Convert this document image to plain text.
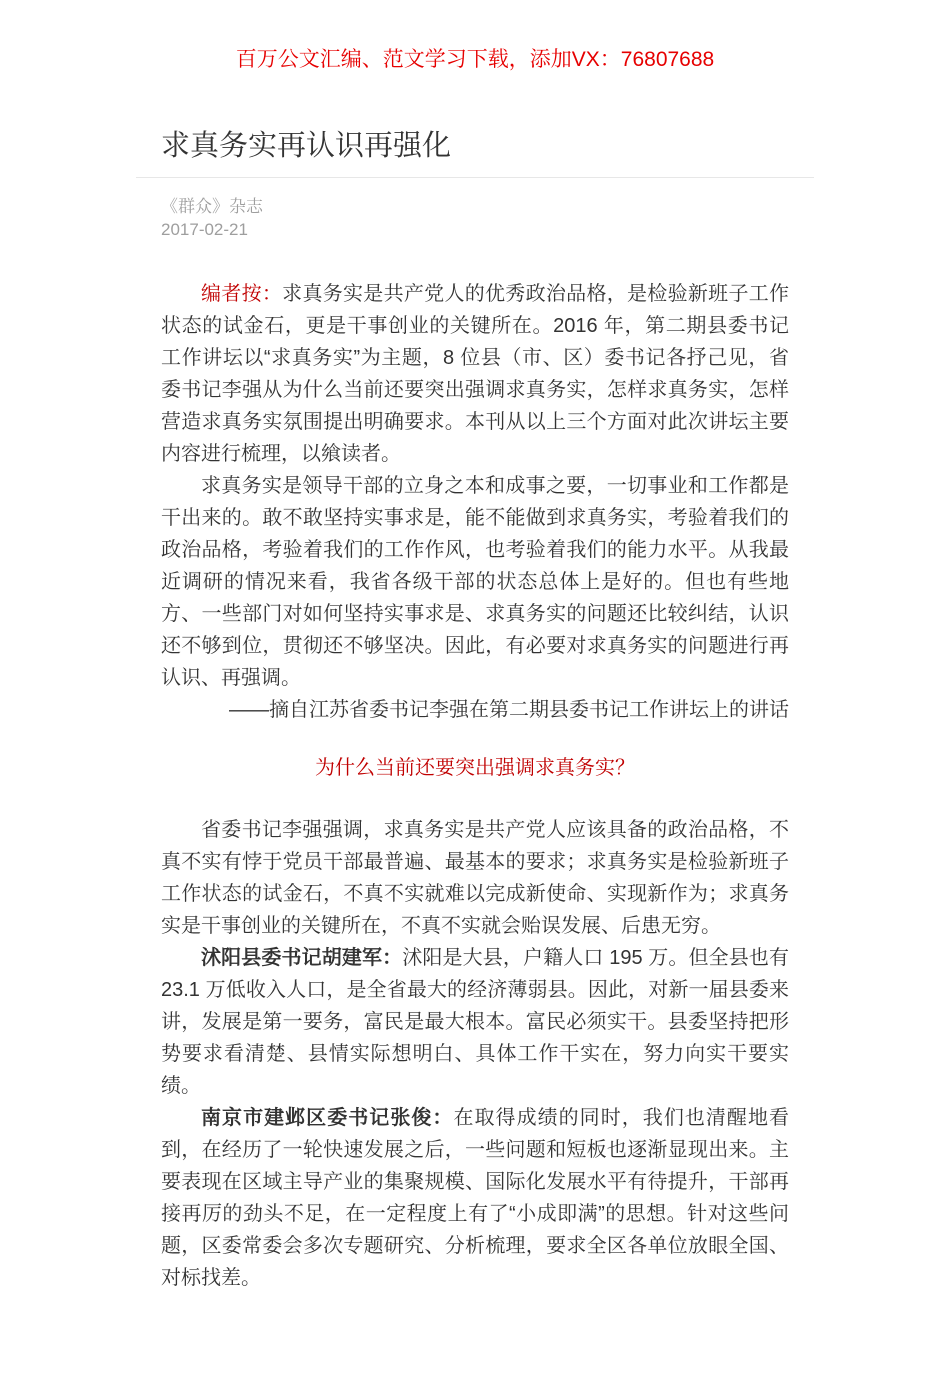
百万公文汇编、范文学习下载，添加VX：76807688
求真务实再认识再强化
《群众》杂志
2017-02-21

编者按：求真务实是共产党人的优秀政治品格，是检验新班子工作状态的试金石，更是干事创业的关键所在。2016 年，第二期县委书记工作讲坛以“求真务实”为主题，8 位县（市、区）委书记各抒己见，省委书记李强从为什么当前还要突出强调求真务实，怎样求真务实，怎样营造求真务实氛围提出明确要求。本刊从以上三个方面对此次讲坛主要内容进行梳理，以飨读者。

求真务实是领导干部的立身之本和成事之要，一切事业和工作都是干出来的。敢不敢坚持实事求是，能不能做到求真务实，考验着我们的政治品格，考验着我们的工作作风，也考验着我们的能力水平。从我最近调研的情况来看，我省各级干部的状态总体上是好的。但也有些地方、一些部门对如何坚持实事求是、求真务实的问题还比较纠结，认识还不够到位，贯彻还不够坚决。因此，有必要对求真务实的问题进行再认识、再强调。

——摘自江苏省委书记李强在第二期县委书记工作讲坛上的讲话

为什么当前还要突出强调求真务实？

省委书记李强强调，求真务实是共产党人应该具备的政治品格，不真不实有悖于党员干部最普遍、最基本的要求；求真务实是检验新班子工作状态的试金石，不真不实就难以完成新使命、实现新作为；求真务实是干事创业的关键所在，不真不实就会贻误发展、后患无穷。

沭阳县委书记胡建军：沭阳是大县，户籍人口 195 万。但全县也有 23.1 万低收入人口，是全省最大的经济薄弱县。因此，对新一届县委来讲，发展是第一要务，富民是最大根本。富民必须实干。县委坚持把形势要求看清楚、县情实际想明白、具体工作干实在，努力向实干要实绩。

南京市建邺区委书记张俊：在取得成绩的同时，我们也清醒地看到，在经历了一轮快速发展之后，一些问题和短板也逐渐显现出来。主要表现在区域主导产业的集聚规模、国际化发展水平有待提升，干部再接再厉的劲头不足，在一定程度上有了“小成即满”的思想。针对这些问题，区委常委会多次专题研究、分析梳理，要求全区各单位放眼全国、对标找差。
